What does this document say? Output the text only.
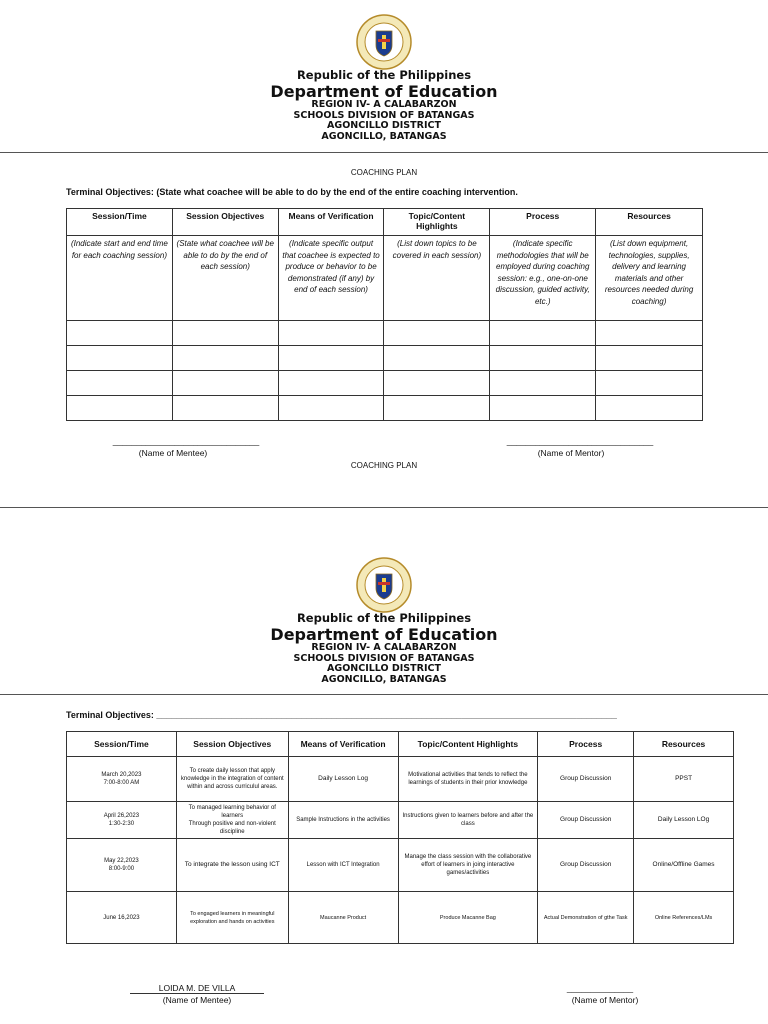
Republic of the Philippines
Department of Education
REGION IV- A CALABARZON
SCHOOLS DIVISION OF BATANGAS
AGONCILLO DISTRICT
AGONCILLO, BATANGAS
COACHING PLAN
Terminal Objectives: (State what coachee will be able to do by the end of the entire coaching intervention.
Session/Time	Session Objectives	Means of Verification	Topic/Content Highlights	Process	Resources
(Indicate start and end time for each coaching session)	(State what coachee will be able to do by the end of each session)	(Indicate specific output that coachee is expected to produce or behavior to be demonstrated (if any) by end of each session)	(List down topics to be covered in each session)	(Indicate specific methodologies that will be employed during coaching session: e.g., one-on-one discussion, guided activity, etc.)	(List down equipment, technologies, supplies, delivery and learning materials and other resources needed during coaching)

_______________________________
(Name of Mentee)
_______________________________
(Name of Mentor)
COACHING PLAN
Republic of the Philippines
Department of Education
REGION IV- A CALABARZON
SCHOOLS DIVISION OF BATANGAS
AGONCILLO DISTRICT
AGONCILLO, BATANGAS
Terminal Objectives: ____________________________________________________________________________________________
Session/Time	Session Objectives	Means of Verification	Topic/Content Highlights	Process	Resources
March 20,2023
7:00-8:00 AM	To create daily lesson that apply knowledge in the integration of content within and across curriculul areas.	Daily Lesson Log	Motivational activities that tends to reflect the learnings of students in their prior knowledge	Group Discussion	PPST
April 26,2023
1:30-2:30	To managed learning behavior of learners
Through positive and non-violent discipline	Sample Instructions in the activities	Instructions given to learners before and after the class	Group Discussion	Daily Lesson LOg
May 22,2023
8:00-9:00	To integrate the lesson using ICT	Lesson with ICT Integration	Manage the class session with the collaborative effort of learners in joing interactive games/activities	Group Discussion	Online/Offline Games
June 16,2023	To engaged learners in meaningful exploration and hands on activities	Maucanne Product	Produce Macanne Bag	Actual Demonstration of gthe Task	Online References/LMs
LOIDA M. DE VILLA
(Name of Mentee)
______________
(Name of Mentor)
